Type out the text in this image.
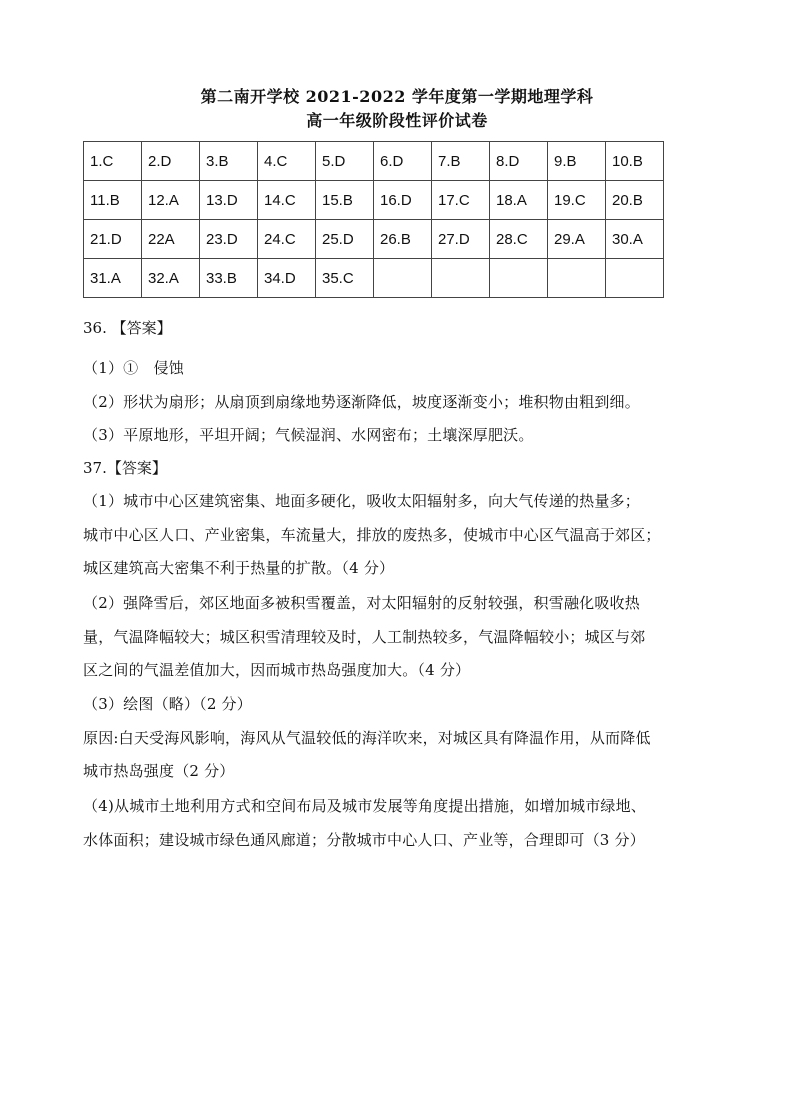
第二南开学校 2021-2022 学年度第一学期地理学科
高一年级阶段性评价试卷
1.C	2.D	3.B	4.C	5.D	6.D	7.B	8.D	9.B	10.B
11.B	12.A	13.D	14.C	15.B	16.D	17.C	18.A	19.C	20.B
21.D	22A	23.D	24.C	25.D	26.B	27.D	28.C	29.A	30.A
31.A	32.A	33.B	34.D	35.C					
36. 【答案】
（1）①　侵蚀
（2）形状为扇形；从扇顶到扇缘地势逐渐降低，坡度逐渐变小；堆积物由粗到细。
（3）平原地形，平坦开阔；气候湿润、水网密布；土壤深厚肥沃。
37.【答案】
（1）城市中心区建筑密集、地面多硬化，吸收太阳辐射多，向大气传递的热量多；
城市中心区人口、产业密集，车流量大，排放的废热多，使城市中心区气温高于郊区；
城区建筑高大密集不利于热量的扩散。（4 分）
（2）强降雪后，郊区地面多被积雪覆盖，对太阳辐射的反射较强，积雪融化吸收热
量，气温降幅较大；城区积雪清理较及时，人工制热较多，气温降幅较小；城区与郊
区之间的气温差值加大，因而城市热岛强度加大。（4 分）
（3）绘图（略）（2 分）
原因:白天受海风影响，海风从气温较低的海洋吹来，对城区具有降温作用，从而降低
城市热岛强度（2 分）
（4)从城市土地利用方式和空间布局及城市发展等角度提出措施，如增加城市绿地、
水体面积；建设城市绿色通风廊道；分散城市中心人口、产业等，合理即可（3 分）
